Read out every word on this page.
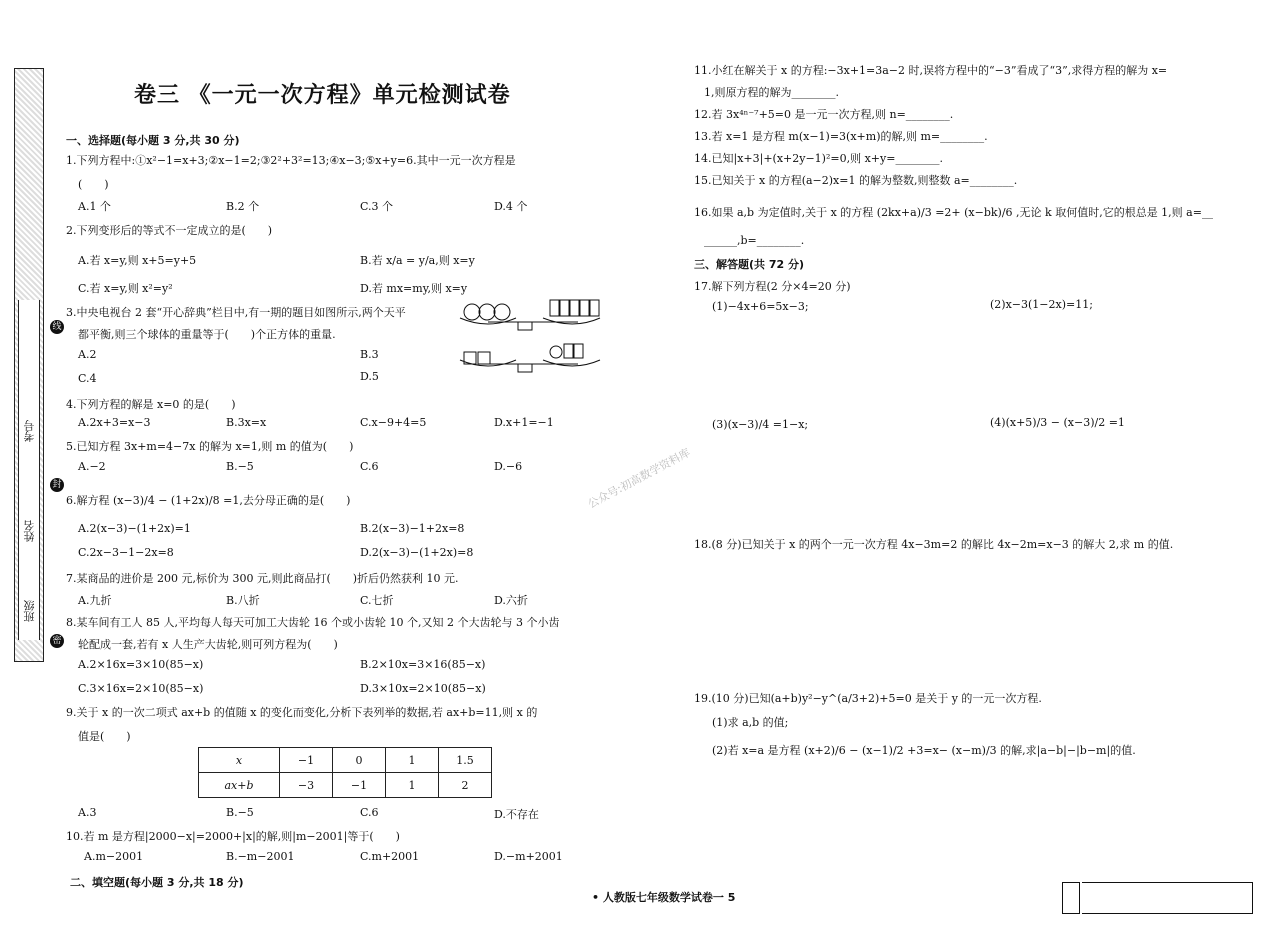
考号
姓名
班级
线
封
密
卷三 《一元一次方程》单元检测试卷
一、选择题(每小题 3 分,共 30 分)
1.下列方程中:①x²−1=x+3;②x−1=2;③2²+3²=13;④x−3;⑤x+y=6.其中一元一次方程是
(　　)
A.1 个	B.2 个	C.3 个	D.4 个
2.下列变形后的等式不一定成立的是(　　)
A.若 x=y,则 x+5=y+5	B.若 x/a = y/a,则 x=y
C.若 x=y,则 x²=y²	D.若 mx=my,则 x=y
3.中央电视台 2 套“开心辞典”栏目中,有一期的题目如图所示,两个天平
都平衡,则三个球体的重量等于(　　)个正方体的重量.
A.2	B.3
C.4	D.5
4.下列方程的解是 x=0 的是(　　)
A.2x+3=x−3	B.3x=x	C.x−9+4=5	D.x+1=−1
5.已知方程 3x+m=4−7x 的解为 x=1,则 m 的值为(　　)
A.−2	B.−5	C.6	D.−6
6.解方程 (x−3)/4 − (1+2x)/8 =1,去分母正确的是(　　)
A.2(x−3)−(1+2x)=1	B.2(x−3)−1+2x=8
C.2x−3−1−2x=8	D.2(x−3)−(1+2x)=8
7.某商品的进价是 200 元,标价为 300 元,则此商品打(　　)折后仍然获利 10 元.
A.九折	B.八折	C.七折	D.六折
8.某车间有工人 85 人,平均每人每天可加工大齿轮 16 个或小齿轮 10 个,又知 2 个大齿轮与 3 个小齿
轮配成一套,若有 x 人生产大齿轮,则可列方程为(　　)
A.2×16x=3×10(85−x)	B.2×10x=3×16(85−x)
C.3×16x=2×10(85−x)	D.3×10x=2×10(85−x)
9.关于 x 的一次二项式 ax+b 的值随 x 的变化而变化,分析下表列举的数据,若 ax+b=11,则 x 的
值是(　　)
x	−1	0	1	1.5
ax+b	−3	−1	1	2
A.3	B.−5	C.6	D.不存在
10.若 m 是方程|2000−x|=2000+|x|的解,则|m−2001|等于(　　)
A.m−2001	B.−m−2001	C.m+2001	D.−m+2001
二、填空题(每小题 3 分,共 18 分)
11.小红在解关于 x 的方程:−3x+1=3a−2 时,误将方程中的“−3”看成了“3”,求得方程的解为 x=
1,则原方程的解为________.
12.若 3x⁴ⁿ⁻⁷+5=0 是一元一次方程,则 n=________.
13.若 x=1 是方程 m(x−1)=3(x+m)的解,则 m=________.
14.已知|x+3|+(x+2y−1)²=0,则 x+y=________.
15.已知关于 x 的方程(a−2)x=1 的解为整数,则整数 a=________.
16.如果 a,b 为定值时,关于 x 的方程 (2kx+a)/3 =2+ (x−bk)/6 ,无论 k 取何值时,它的根总是 1,则 a=__
______,b=________.
三、解答题(共 72 分)
17.解下列方程(2 分×4=20 分)
(1)−4x+6=5x−3;	(2)x−3(1−2x)=11;
(3)(x−3)/4 =1−x;	(4)(x+5)/3 − (x−3)/2 =1
18.(8 分)已知关于 x 的两个一元一次方程 4x−3m=2 的解比 4x−2m=x−3 的解大 2,求 m 的值.
19.(10 分)已知(a+b)y²−y^(a/3+2)+5=0 是关于 y 的一元一次方程.
(1)求 a,b 的值;
(2)若 x=a 是方程 (x+2)/6 − (x−1)/2 +3=x− (x−m)/3 的解,求|a−b|−|b−m|的值.
公众号:初高数学资料库
• 人教版七年级数学试卷一 5
